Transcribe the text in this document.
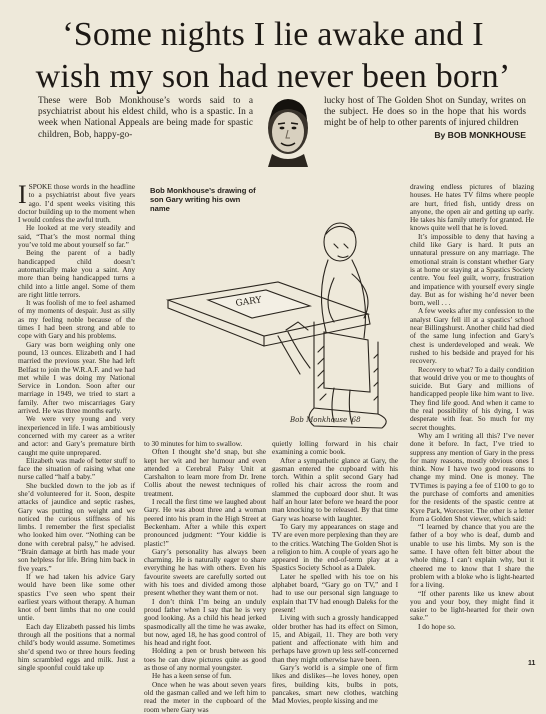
‘Some nights I lie awake and I
wish my son had never been born’
These were Bob Monkhouse’s words said to a psychiatrist about his eldest child, who is a spastic. In a week when National Appeals are being made for spastic children, Bob, happy-go-
lucky host of The Golden Shot on Sunday, writes on the subject. He does so in the hope that his words might be of help to other parents of injured children
By BOB MONKHOUSE

ISPOKE those words in the headline to a psychiatrist about five years ago. I’d spent weeks visiting this doctor building up to the moment when I would confess the awful truth.

He looked at me very steadily and said, “That’s the most normal thing you’ve told me about yourself so far.”

Being the parent of a badly handicapped child doesn’t automatically make you a saint. Any more than being handicapped turns a child into a little angel. Some of them are right little terrors.

It was foolish of me to feel ashamed of my moments of despair. Just as silly as my feeling noble because of the times I had been strong and able to cope with Gary and his problems.

Gary was born weighing only one pound, 13 ounces. Elizabeth and I had married the previous year. She had left Belfast to join the W.R.A.F. and we had met while I was doing my National Service in London. Soon after our marriage in 1949, we tried to start a family. After two miscarriages Gary arrived. He was three months early.

We were very young and very inexperienced in life. I was ambitiously concerned with my career as a writer and actor: and Gary’s premature birth caught me quite unprepared.

Elizabeth was made of better stuff to face the situation of raising what one nurse called “half a baby.”

She buckled down to the job as if she’d volunteered for it. Soon, despite attacks of jaundice and septic rashes, Gary was putting on weight and we noticed the curious stiffness of his limbs. I remember the first specialist who looked him over. “Nothing can be done with cerebral palsy,” he advised. “Brain damage at birth has made your son helpless for life. Bring him back in five years.”

If we had taken his advice Gary would have been like some other spastics I’ve seen who spent their earliest years without therapy. A human knot of bent limbs that no one could untie.

Each day Elizabeth passed his limbs through all the positions that a normal child’s body would assume. Sometimes she’d spend two or three hours feeding him scrambled eggs and milk. Just a single spoonful could take up

GARY
Bob Monkhouse ’68
Bob Monkhouse’s drawing of son Gary writing his own name

to 30 minutes for him to swallow.

Often I thought she’d snap, but she kept her wit and her humour and even attended a Cerebral Palsy Unit at Carshalton to learn more from Dr. Irene Collis about the newest techniques of treatment.

I recall the first time we laughed about Gary. He was about three and a woman peered into his pram in the High Street at Beckenham. After a while this expert pronounced judgment: “Your kiddie is plastic!”

Gary’s personality has always been charming. He is naturally eager to share everything he has with others. Even his favourite sweets are carefully sorted out with his toes and divided among those present whether they want them or not.

I don’t think I’m being an unduly proud father when I say that he is very good looking. As a child his head jerked spasmodically all the time he was awake, but now, aged 18, he has good control of his head and right foot.

Holding a pen or brush between his toes he can draw pictures quite as good as those of any normal youngster.

He has a keen sense of fun.

Once when he was about seven years old the gasman called and we left him to read the meter in the cupboard of the room where Gary was

quietly lolling forward in his chair examining a comic book.

After a sympathetic glance at Gary, the gasman entered the cupboard with his torch. Within a split second Gary had rolled his chair across the room and slammed the cupboard door shut. It was half an hour later before we heard the poor man knocking to be released. By that time Gary was hoarse with laughter.

To Gary my appearances on stage and TV are even more perplexing than they are to the critics. Watching The Golden Shot is a religion to him. A couple of years ago he appeared in the end-of-term play at a Spastics Society School as a Dalek.

Later he spelled with his toe on his alphabet board, “Gary go on TV,” and I had to use our personal sign language to explain that TV had enough Daleks for the present!

Living with such a grossly handicapped older brother has had its effect on Simon, 15, and Abigail, 11. They are both very patient and affectionate with him and perhaps have grown up less self-concerned than they might otherwise have been.

Gary’s world is a simple one of firm likes and dislikes—he loves honey, open fires, building kits, bulbs in pots, pancakes, smart new clothes, watching Mad Movies, people kissing and me

drawing endless pictures of blazing houses. He hates TV films where people are hurt, fried fish, untidy dress on anyone, the open air and getting up early. He takes his family utterly for granted. He knows quite well that he is loved.

It’s impossible to deny that having a child like Gary is hard. It puts an unnatural pressure on any marriage. The emotional strain is constant whether Gary is at home or staying at a Spastics Society centre. You feel guilt, worry, frustration and impatience with yourself every single day. But as for wishing he’d never been born, well . . .

A few weeks after my confession to the analyst Gary fell ill at a spastics’ school near Billingshurst. Another child had died of the same lung infection and Gary’s chest is underdeveloped and weak. We rushed to his bedside and prayed for his recovery.

Recovery to what? To a daily condition that would drive you or me to thoughts of suicide. But Gary and millions of handicapped people like him want to live. They find life good. And when it came to the real possibility of his dying, I was desperate with fear. So much for my secret thoughts.

Why am I writing all this? I’ve never done it before. In fact, I’ve tried to suppress any mention of Gary in the press for many reasons, mostly obvious ones I think. Now I have two good reasons to change my mind. One is money. The TVTimes is paying a fee of £100 to go to the purchase of comforts and amenities for the residents of the spastic centre at Kyre Park, Worcester. The other is a letter from a Golden Shot viewer, which said:

“I learned by chance that you are the father of a boy who is deaf, dumb and unable to use his limbs. My son is the same. I have often felt bitter about the whole thing. I can’t explain why, but it cheered me to know that I share the problem with a bloke who is light-hearted for a living.

“If other parents like us knew about you and your boy, they might find it easier to be light-hearted for their own sake.”

I do hope so.

11
